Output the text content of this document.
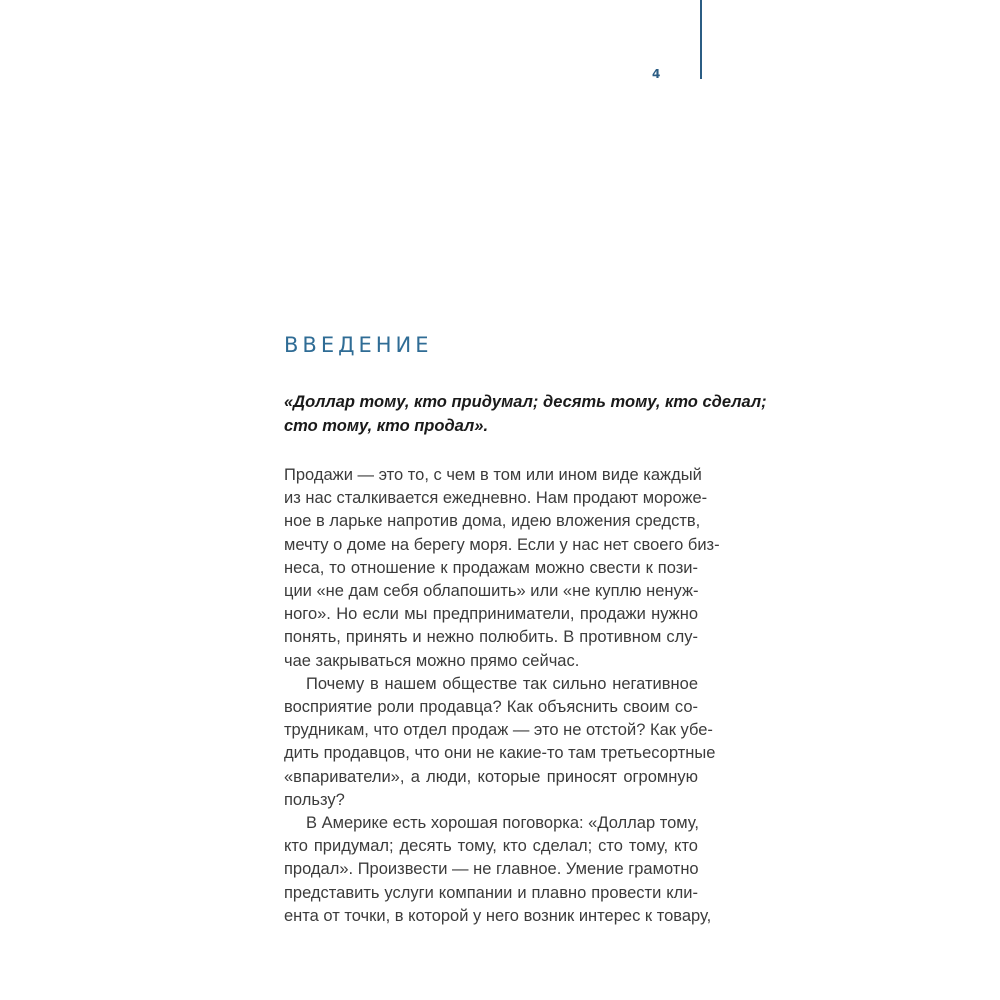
4
ВВЕДЕНИЕ

«Доллар тому, кто придумал; десять тому, кто сделал;
сто тому, кто продал».

Продажи — это то, с чем в том или ином виде каждый
из нас сталкивается ежедневно. Нам продают мороже-
ное в ларьке напротив дома, идею вложения средств,
мечту о доме на берегу моря. Если у нас нет своего биз-
неса, то отношение к продажам можно свести к пози-
ции «не дам себя облапошить» или «не куплю ненуж-
ного». Но если мы предприниматели, продажи нужно
понять, принять и нежно полюбить. В противном слу-
чае закрываться можно прямо сейчас.

Почему в нашем обществе так сильно негативное
восприятие роли продавца? Как объяснить своим со-
трудникам, что отдел продаж — это не отстой? Как убе-
дить продавцов, что они не какие-то там третьесортные
«впариватели», а люди, которые приносят огромную
пользу?

В Америке есть хорошая поговорка: «Доллар тому,
кто придумал; десять тому, кто сделал; сто тому, кто
продал». Произвести — не главное. Умение грамотно
представить услуги компании и плавно провести кли-
ента от точки, в которой у него возник интерес к товару,
